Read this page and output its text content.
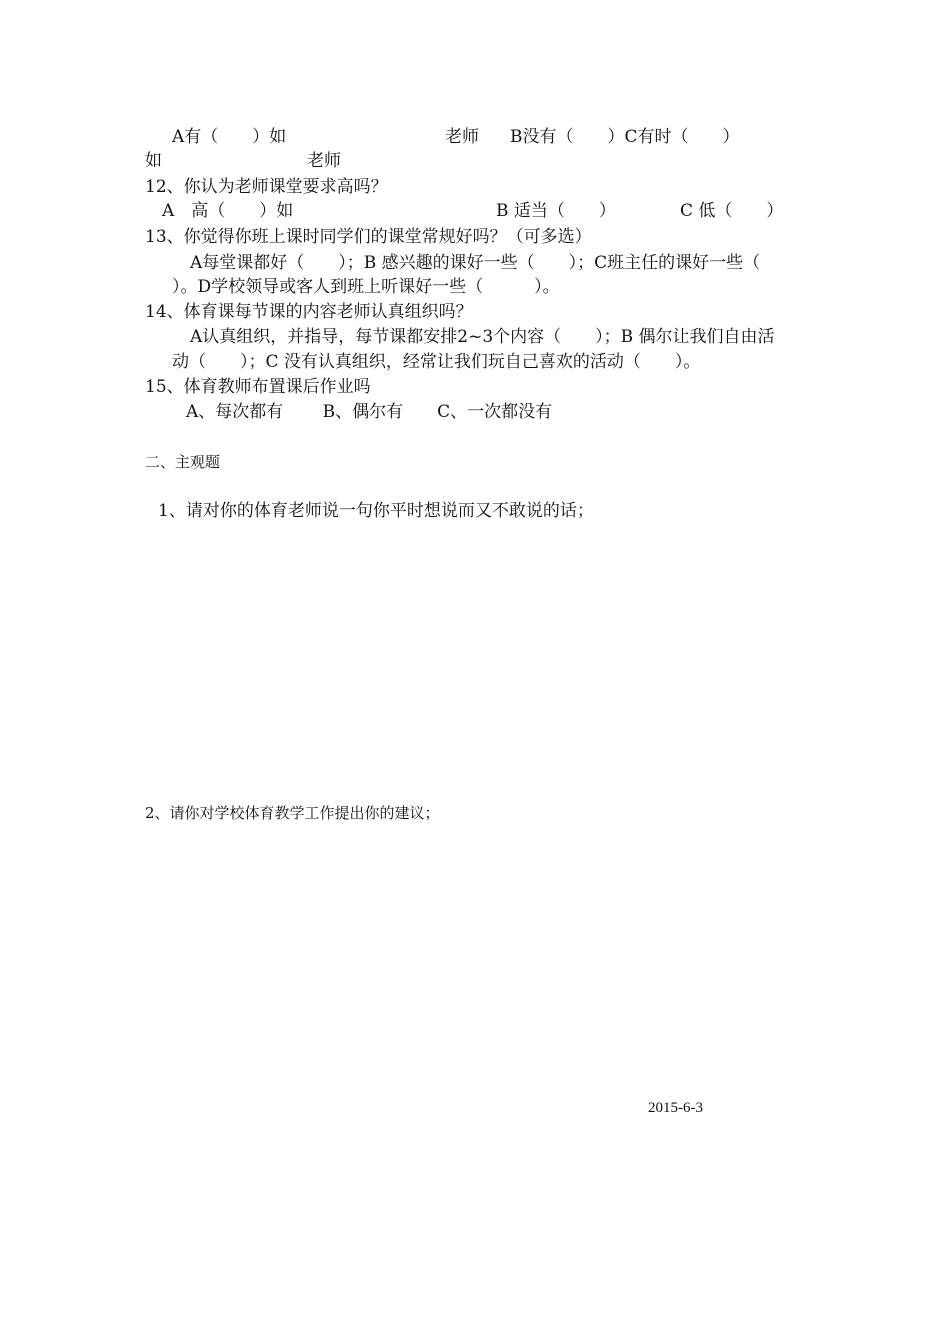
A有（　　）如	老师 B没有（　　）C有时（　　）
如	老师
12、你认为老师课堂要求高吗？
A　高（　　）如	B 适当（　　）	C 低（　　）
13、你觉得你班上课时同学们的课堂常规好吗？（可多选）
A每堂课都好（　　）；B 感兴趣的课好一些（　　）；C班主任的课好一些（
）。D学校领导或客人到班上听课好一些（　　　）。
14、体育课每节课的内容老师认真组织吗？
A认真组织，并指导，每节课都安排2~3个内容（　　）；B 偶尔让我们自由活
动（　　）；C 没有认真组织，经常让我们玩自己喜欢的活动（　　）。
15、体育教师布置课后作业吗
A、每次都有　　 B、偶尔有　　C、一次都没有
二、主观题
1、请对你的体育老师说一句你平时想说而又不敢说的话；
2、请你对学校体育教学工作提出你的建议；
2015-6-3
